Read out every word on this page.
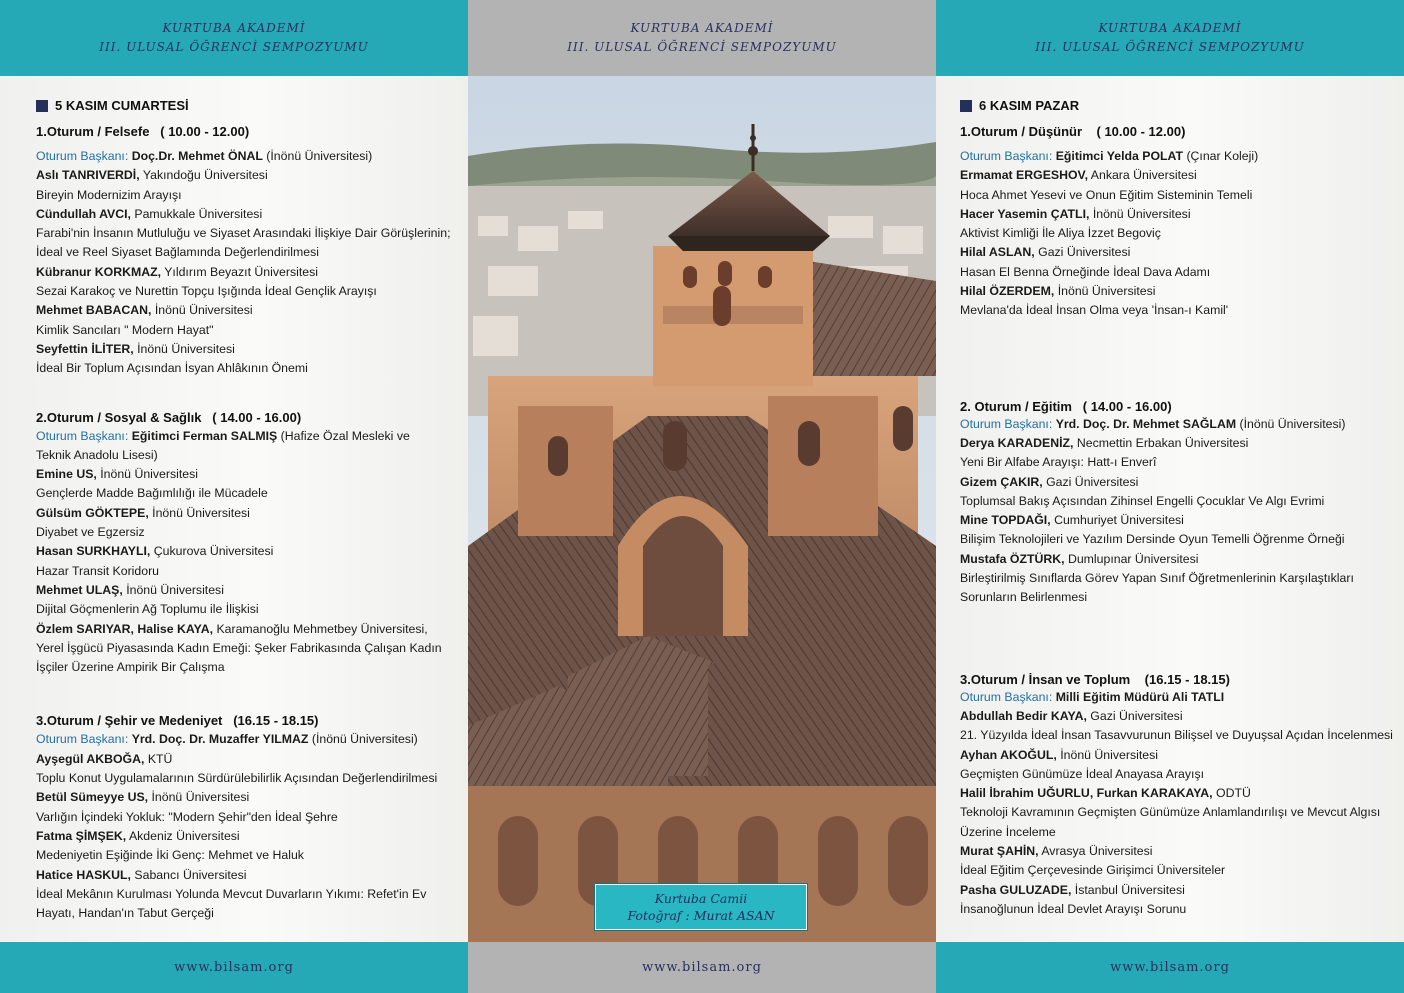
KURTUBA AKADEMİ
III. ULUSAL ÖĞRENCİ SEMPOZYUMU
5 KASIM CUMARTESİ
1.Oturum / Felsefe   ( 10.00 - 12.00)
Oturum Başkanı: Doç.Dr. Mehmet ÖNAL (İnönü Üniversitesi)
Aslı TANRIVERDİ, Yakındoğu Üniversitesi
Bireyin Modernizim Arayışı
Cündullah AVCI, Pamukkale Üniversitesi
Farabi'nin İnsanın Mutluluğu ve Siyaset Arasındaki İlişkiye Dair Görüşlerinin;
İdeal ve Reel Siyaset Bağlamında Değerlendirilmesi
Kübranur KORKMAZ, Yıldırım Beyazıt Üniversitesi
Sezai Karakoç ve Nurettin Topçu Işığında İdeal Gençlik Arayışı
Mehmet BABACAN, İnönü Üniversitesi
Kimlik Sancıları " Modern Hayat"
Seyfettin İLİTER, İnönü Üniversitesi
İdeal Bir Toplum Açısından İsyan Ahlâkının Önemi
2.Oturum / Sosyal & Sağlık   ( 14.00 - 16.00)
Oturum Başkanı: Eğitimci Ferman SALMIŞ (Hafize Özal Mesleki ve
Teknik Anadolu Lisesi)
Emine US, İnönü Üniversitesi
Gençlerde Madde Bağımlılığı ile Mücadele
Gülsüm GÖKTEPE, İnönü Üniversitesi
Diyabet ve Egzersiz
Hasan SURKHAYLI, Çukurova Üniversitesi
Hazar Transit Koridoru
Mehmet ULAŞ, İnönü Üniversitesi
Dijital Göçmenlerin Ağ Toplumu ile İlişkisi
Özlem SARIYAR, Halise KAYA, Karamanoğlu Mehmetbey Üniversitesi,
Yerel İşgücü Piyasasında Kadın Emeği: Şeker Fabrikasında Çalışan Kadın
İşçiler Üzerine Ampirik Bir Çalışma
3.Oturum / Şehir ve Medeniyet   (16.15 - 18.15)
Oturum Başkanı: Yrd. Doç. Dr. Muzaffer YILMAZ (İnönü Üniversitesi)
Ayşegül AKBOĞA, KTÜ
Toplu Konut Uygulamalarının Sürdürülebilirlik Açısından Değerlendirilmesi
Betül Sümeyye US, İnönü Üniversitesi
Varlığın İçindeki Yokluk: "Modern Şehir"den İdeal Şehre
Fatma ŞİMŞEK, Akdeniz Üniversitesi
Medeniyetin Eşiğinde İki Genç: Mehmet ve Haluk
Hatice HASKUL, Sabancı Üniversitesi
İdeal Mekânın Kurulması Yolunda Mevcut Duvarların Yıkımı: Refet'in Ev
Hayatı, Handan'ın Tabut Gerçeği
www.bilsam.org
KURTUBA AKADEMİ
III. ULUSAL ÖĞRENCİ SEMPOZYUMU
Kurtuba Camii
Fotoğraf : Murat ASAN
www.bilsam.org
KURTUBA AKADEMİ
III. ULUSAL ÖĞRENCİ SEMPOZYUMU
6 KASIM PAZAR
1.Oturum / Düşünür    ( 10.00 - 12.00)
Oturum Başkanı: Eğitimci Yelda POLAT (Çınar Koleji)
Ermamat ERGESHOV, Ankara Üniversitesi
Hoca Ahmet Yesevi ve Onun Eğitim Sisteminin Temeli
Hacer Yasemin ÇATLI, İnönü Üniversitesi
Aktivist Kimliği İle Aliya İzzet Begoviç
Hilal ASLAN, Gazi Üniversitesi
Hasan El Benna Örneğinde İdeal Dava Adamı
Hilal ÖZERDEM, İnönü Üniversitesi
Mevlana'da İdeal İnsan Olma veya 'İnsan-ı Kamil'
2. Oturum / Eğitim   ( 14.00 - 16.00)
Oturum Başkanı: Yrd. Doç. Dr. Mehmet SAĞLAM (İnönü Üniversitesi)
Derya KARADENİZ, Necmettin Erbakan Üniversitesi
Yeni Bir Alfabe Arayışı: Hatt-ı Enverî
Gizem ÇAKIR, Gazi Üniversitesi
Toplumsal Bakış Açısından Zihinsel Engelli Çocuklar Ve Algı Evrimi
Mine TOPDAĞI, Cumhuriyet Üniversitesi
Bilişim Teknolojileri ve Yazılım Dersinde Oyun Temelli Öğrenme Örneği
Mustafa ÖZTÜRK, Dumlupınar Üniversitesi
Birleştirilmiş Sınıflarda Görev Yapan Sınıf Öğretmenlerinin Karşılaştıkları
Sorunların Belirlenmesi
3.Oturum / İnsan ve Toplum    (16.15 - 18.15)
Oturum Başkanı: Milli Eğitim Müdürü Ali TATLI
Abdullah Bedir KAYA, Gazi Üniversitesi
21. Yüzyılda İdeal İnsan Tasavvurunun Bilişsel ve Duyuşsal Açıdan İncelenmesi
Ayhan AKOĞUL, İnönü Üniversitesi
Geçmişten Günümüze İdeal Anayasa Arayışı
Halil İbrahim UĞURLU, Furkan KARAKAYA, ODTÜ
Teknoloji Kavramının Geçmişten Günümüze Anlamlandırılışı ve Mevcut Algısı
Üzerine İnceleme
Murat ŞAHİN, Avrasya Üniversitesi
İdeal Eğitim Çerçevesinde Girişimci Üniversiteler
Pasha GULUZADE, İstanbul Üniversitesi
İnsanoğlunun İdeal Devlet Arayışı Sorunu
www.bilsam.org
